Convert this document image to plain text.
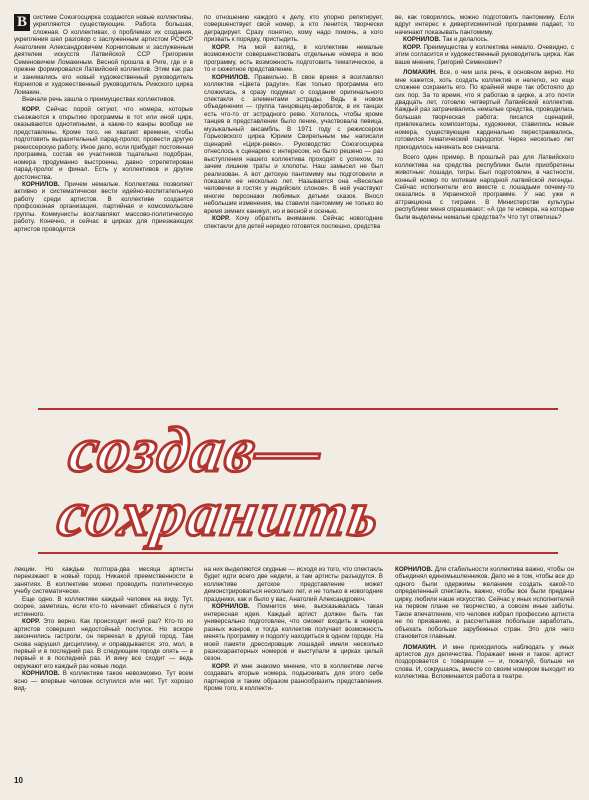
В системе Союзгосцирка создаются новые коллективы, укрепляются существующие. Работа большая, сложная. О коллективах, о проблемах их создания, укрепления шел разговор с заслуженным артистом РСФСР Анатолием Александровичем Корниловым и заслуженным деятелем искусств Латвийской ССР Григорием Семеновичем Ломакиным. Весной прошла в Риге, где и в прежне формировался Латвийский коллектив. Этим как раз и занимались его новый художественный руководитель Корнилов и художественный руководитель Рижского цирка Ломакин.

Вначале речь зашла о преимуществах коллективов.

КОРР. Сейчас порой сетуют, что номера, которые съезжаются к открытию программы в тот или иной цирк, оказываются однотипными, а какие-то жанры вообще не представлены. Кроме того, не хватает времени, чтобы подготовить выразительный парад-пролог, провести другую режиссерскую работу. Иное дело, если прибудет постоянная программа, состав ее участников тщательно подобран, номера продуманно выстроены, давно отрепетирован парад-пролог и финал. Есть у коллективов и другие достоинства.

КОРНИЛОВ. Причем немалые. Коллектива позволяет активно и систематически вести идейно-воспитательную работу среди артистов. В коллективе создается профсоюзная организация, партийная и комсомольские группы. Коммунисты возглавляют массово-политическую работу. Конечно, и сейчас в цирках для приезжающих артистов проводятся

по отношению каждого к делу, кто упорно репетирует, совершенствует свой номер, а кто ленится, творчески деградирует. Сразу понятно, кому надо помочь, а кого призвать к порядку, пристыдить.

КОРР. На мой взгляд, в коллективе немалые возможности совершенствовать отдельные номера и всю программу, есть возможность подготовить тематическое, а то и сюжетное представление.

КОРНИЛОВ. Правильно. В свое время я возглавлял коллектив «Цвета радуги». Как только программа его сложилась, я сразу подумал о создании оригинального спектакля с элементами эстрады. Ведь в новом объединении — группа танцовщиц-акробаток, в их танцах есть что-то от эстрадного ревю. Хотелось, чтобы кроме танцев в представлении было пение, участвовала певица, музыкальный ансамбль. В 1971 году с режиссером Горьковского цирка Юрием Свирельным мы написали сценарий «Цирк-ревю». Руководство Союзгосцирка отнеслось к сценарию с интересом, но было решено — раз выступления нашего коллектива проходят с успехом, то зачем лишние траты и хлопоты. Наш замысел не был реализован. А вот детскую пантомиму мы подготовили и показали ее несколько лет. Называется она «Веселые человечки в гостях у индийских слонов». В ней участвуют многие персонажи любимых детьми сказок. Вносл небольшие изменения, мы ставили пантомиму не только во время зимних каникул, но и весной и осенью.

КОРР. Хочу обратить внимание. Сейчас новогодние спектакли для детей нередко готовятся поспешно, средства

ве, как говорилось, можно подготовить пантомиму. Если вдруг интерес к дивертисментной программе падает, то начинают показывать пантомиму.

КОРНИЛОВ. Так и делалось.

КОРР. Преимущества у коллектива немало. Очевидно, с этим согласится и художественный руководитель цирка. Как ваше мнение, Григорий Семенович?

ЛОМАКИН. Все, о чем шла речь, в основном верно. Но мне кажется, хоть создать коллектив и нелегко, но еще сложнее сохранить его. По крайней мере так обстояло до сих пор. За то время, что я работаю в цирке, а это почти двадцать лет, готовлю четвертый Латвийский коллектив. Каждый раз затрачивались немалые средства, проводилась большая творческая работа: писался сценарий, привлекались композиторы, художники, ставились новые номера, существующие кардинально перестраивались, готовился тематический пародолог. Через несколько лет приходилось начинать все сначала.

Всего один пример. В прошлый раз для Латвийского коллектива на средства республики были приобретены животные: лошади, тигры. Был подготовлен, в частности, конный номер по мотивам народной латвийской легенды. Сейчас исполнители его вместе с лошадьми почему-то оказались в Украинской программе. У нас уже и аттракциона с тиграми. В Министерстве культуры республики меня спрашивают: «А где те номера, на которые были выделены немалые средства?» Что тут ответишь?

создав—
сохранить

лекции. Но каждые полтора-два месяца артисты переезжают в новый город. Никакой преемственности в занятиях. В коллективе можно проводить политическую учебу систематически.

Еще одно. В коллективе каждый человек на виду. Тут, скорее, заметишь, если кто-то начинает сбиваться с пути истинного.

КОРР. Это верно. Как происходит иной раз? Кто-то из артистов совершил недостойный поступок. Но вскоре закончились гастроли, он переехал в другой город. Там снова нарушил дисциплину, и оправдывается: это, мол, в первый и в последний раз. В следующем городе опять — в первый и в последний раз. И вину все сходит — ведь окружают его каждый раз новые люди.

КОРНИЛОВ. В коллективе такое невозможно. Тут всем ясно — впервые человек оступился или нет. Тут хорошо вид-

на них выделяются скудные — исходя из того, что спектакль будет идти всего две недели, а там артисты разъедутся. В коллективе детское представление может демонстрироваться несколько лет, и не только в новогодние праздники, как и было у вас, Анатолий Александрович.

КОРНИЛОВ. Помнится мне, высказывалась такая интересная идея. Каждый артист должен быть так универсально подготовлен, что сможет входить в номера разных жанров, и тогда коллектив получает возможность менять программу и подолгу находиться в одном городе. На моей памяти дрессировщик лошадей имели несколько разнохарактерных номеров и выступали в цирках целый сезон.

КОРР. И мне знакомо мнение, что в коллективе легче создавать вторые номера, подыскивать для этого себе партнеров и таким образом разнообразить представления. Кроме того, в коллекти-

КОРНИЛОВ. Для стабильности коллектива важно, чтобы он объединял единомышленников. Дело не в том, чтобы все до одного были одержимы желанием создать какой-то определенный спектакль, важно, чтобы все были преданы цирку, любили наше искусство. Сейчас у иных исполнителей на первом плане не творчество, а совсем иные заботы. Такое впечатление, что человек избрал профессию артиста не по призванию, а рассчитывая побольше заработать, объехать побольше зарубежных стран. Это для него становится главным.

ЛОМАКИН. И мне приходилось наблюдать у иных артистов дух делячества. Поражает меня и такое: артист поздоровается с товарищем — и, пожалуй, больше ни слова. И, сокрушаясь, вместе со своим номером выходит из коллектива. Вспоминается работа в театре.

10
